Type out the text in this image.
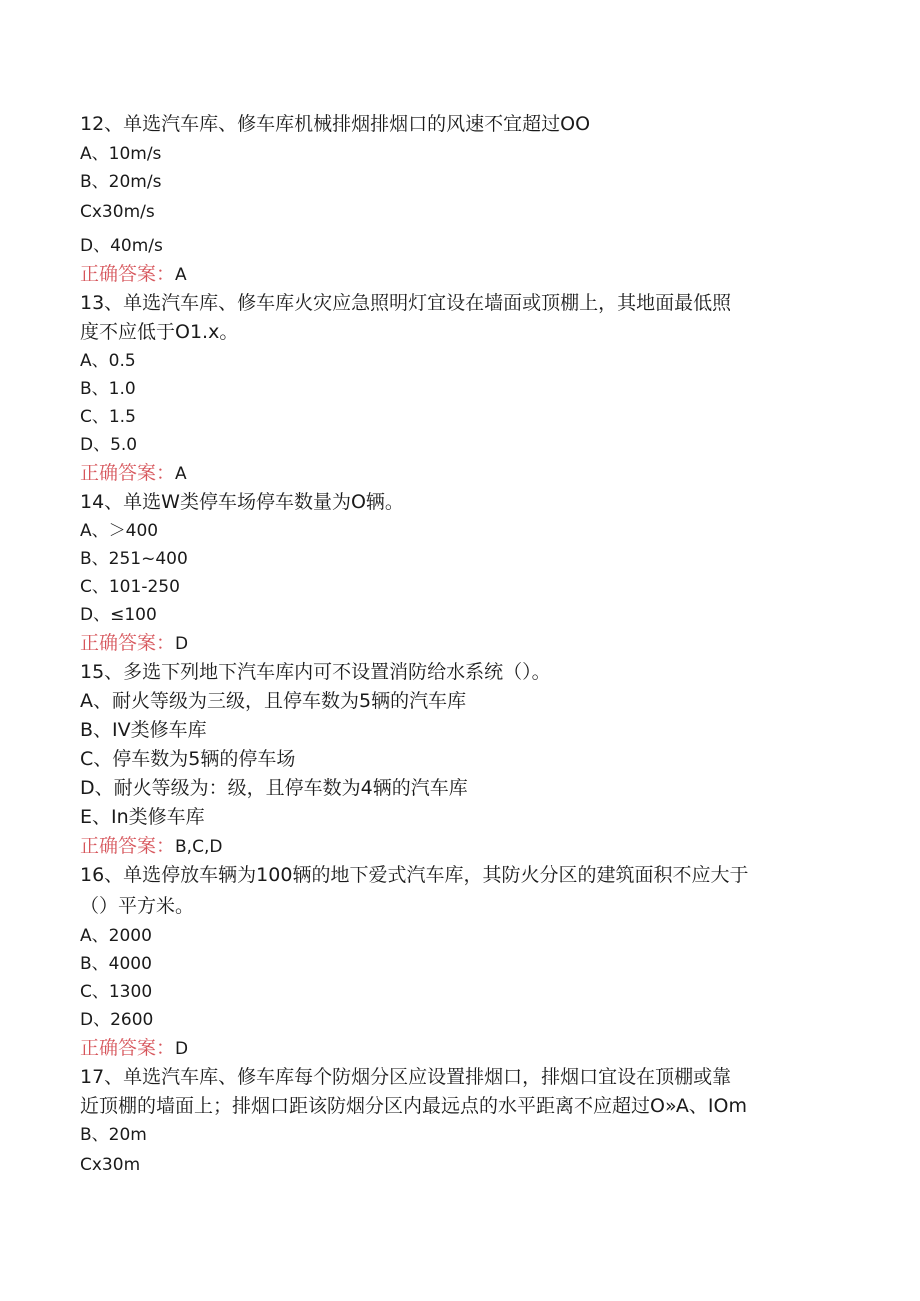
12、单选汽车库、修车库机械排烟排烟口的风速不宜超过OO
A、10m∕s
B、20m∕s
Cx30m∕s
D、40m∕s
正确答案：A
13、单选汽车库、修车库火灾应急照明灯宜设在墙面或顶棚上，其地面最低照
度不应低于O1.x。
A、0.5
B、1.0
C、1.5
D、5.0
正确答案：A
14、单选W类停车场停车数量为O辆。
A、＞400
B、251~400
C、101-250
D、≤100
正确答案：D
15、多选下列地下汽车库内可不设置消防给水系统（）。
A、耐火等级为三级，且停车数为5辆的汽车库
B、IV类修车库
C、停车数为5辆的停车场
D、耐火等级为：级，且停车数为4辆的汽车库
E、In类修车库
正确答案：B,C,D
16、单选停放车辆为100辆的地下爱式汽车库，其防火分区的建筑面积不应大于
（）平方米。
A、2000
B、4000
C、1300
D、2600
正确答案：D
17、单选汽车库、修车库每个防烟分区应设置排烟口，排烟口宜设在顶棚或靠
近顶棚的墙面上；排烟口距该防烟分区内最远点的水平距离不应超过O»A、IOm
B、20m
Cx30m
